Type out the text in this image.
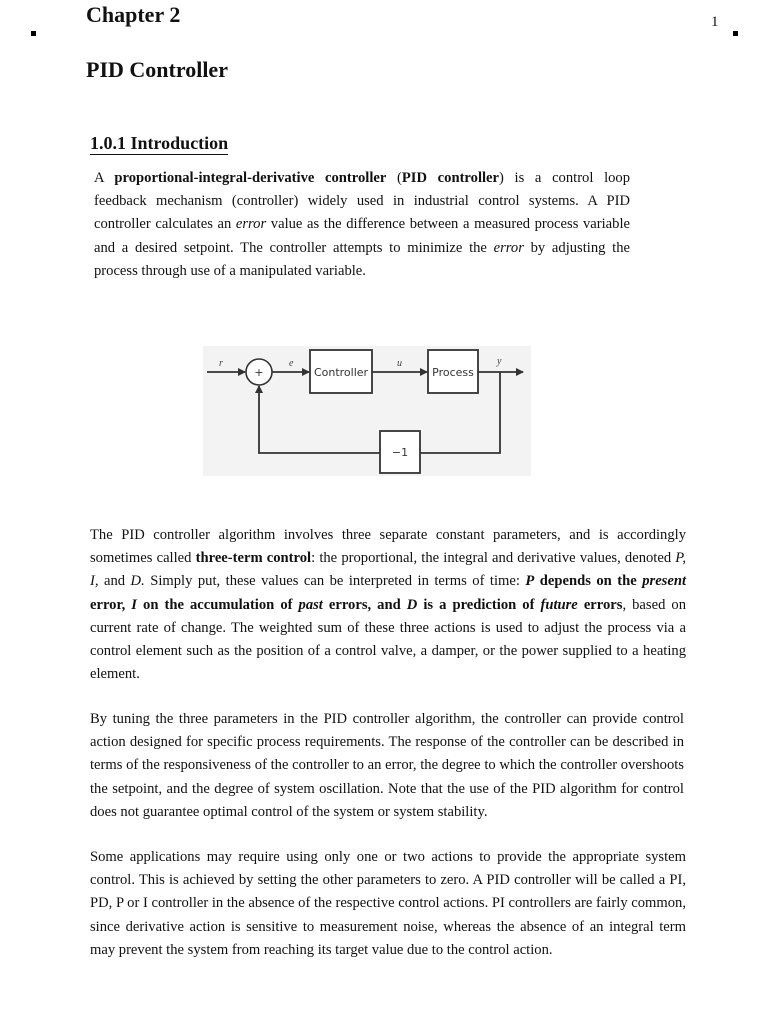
1
Chapter 2
PID Controller
1.0.1 Introduction

A proportional-integral-derivative controller (PID controller) is a control loop feedback mechanism (controller) widely used in industrial control systems. A PID controller calculates an error value as the difference between a measured process variable and a desired setpoint. The controller attempts to minimize the error by adjusting the process through use of a manipulated variable.

+	Controller	Process
−1
r	e	u	y

The PID controller algorithm involves three separate constant parameters, and is accordingly sometimes called three-term control: the proportional, the integral and derivative values, denoted P, I, and D. Simply put, these values can be interpreted in terms of time: P depends on the present error, I on the accumulation of past errors, and D is a prediction of future errors, based on current rate of change. The weighted sum of these three actions is used to adjust the process via a control element such as the position of a control valve, a damper, or the power supplied to a heating element.

By tuning the three parameters in the PID controller algorithm, the controller can provide control action designed for specific process requirements. The response of the controller can be described in terms of the responsiveness of the controller to an error, the degree to which the controller overshoots the setpoint, and the degree of system oscillation. Note that the use of the PID algorithm for control does not guarantee optimal control of the system or system stability.

Some applications may require using only one or two actions to provide the appropriate system control. This is achieved by setting the other parameters to zero. A PID controller will be called a PI, PD, P or I controller in the absence of the respective control actions. PI controllers are fairly common, since derivative action is sensitive to measurement noise, whereas the absence of an integral term may prevent the system from reaching its target value due to the control action.
